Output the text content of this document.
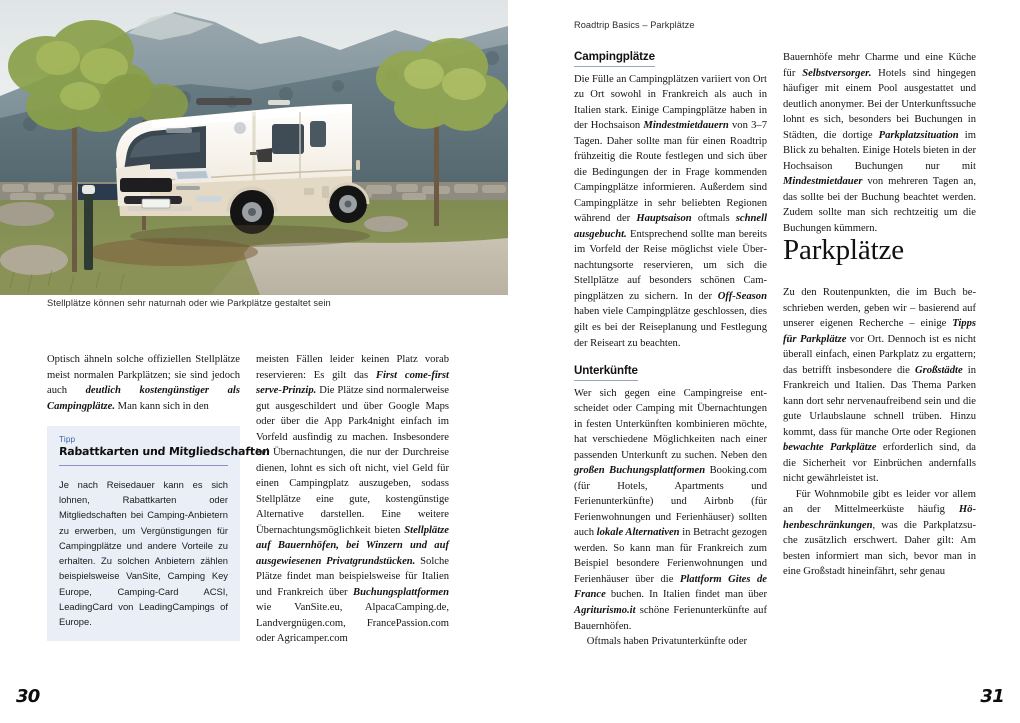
Stellplätze können sehr naturnah oder wie Parkplätze gestaltet sein

Optisch ähneln solche offiziellen Stellplätze meist normalen Parkplätzen; sie sind jedoch auch deutlich kostengünstiger als Campingplätze. Man kann sich in den

Tipp
Rabattkarten und Mitgliedschaften
Je nach Reisedauer kann es sich lohnen, Rabattkarten oder Mitgliedschaften bei Camping-Anbietern zu erwerben, um Vergünstigungen für Campingplätze und andere Vorteile zu erhalten. Zu solchen Anbietern zählen beispielsweise VanSite, Camping Key Europe, Camping-Card ACSI, LeadingCard von LeadingCampings of Europe.

meisten Fällen leider keinen Platz vorab reservieren: Es gilt das First come-first serve-Prinzip. Die Plätze sind normalerweise gut ausgeschildert und über Google Maps oder über die App Park4night einfach im Vorfeld ausfindig zu machen. Insbesondere bei Übernachtungen, die nur der Durchreise dienen, lohnt es sich oft nicht, viel Geld für einen Campingplatz auszugeben, sodass Stellplätze eine gute, kostengünstige Alternative darstellen. Eine weitere Übernachtungsmöglichkeit bieten Stellplätze auf Bauernhöfen, bei Winzern und auf ausgewiesenen Privatgrundstücken. Solche Plätze findet man beispielsweise für Italien und Frankreich über Buchungsplattformen wie VanSite.eu, AlpacaCamping.de, Landvergnügen.com, FrancePassion.com oder Agricamper.com

30
Roadtrip Basics – Parkplätze
31
Campingplätze

Die Fülle an Campingplätzen variiert von Ort zu Ort sowohl in Frankreich als auch in Italien stark. Einige Campingplätze haben in der Hochsaison Mindestmietdauern von 3–7 Tagen. Daher sollte man für einen Roadtrip frühzeitig die Route festlegen und sich über die Bedingungen der in Frage kommenden Campingplätze informieren. Außerdem sind Campingplätze in sehr beliebten Regionen während der Hauptsaison oftmals schnell ausgebucht. Entsprechend sollte man bereits im Vorfeld der Reise möglichst viele Übernachtungsorte reservieren, um sich die Stellplätze auf besonders schönen Campingplätzen zu sichern. In der Off-Season haben viele Campingplätze geschlossen, dies gilt es bei der Reiseplanung und Festlegung der Reiseart zu beachten.

Unterkünfte

Wer sich gegen eine Campingreise entscheidet oder Camping mit Übernachtungen in festen Unterkünften kombinieren möchte, hat verschiedene Möglichkeiten nach einer passenden Unterkunft zu suchen. Neben den großen Buchungsplattformen Booking.com (für Hotels, Apartments und Ferienunterkünfte) und Airbnb (für Ferienwohnungen und Ferienhäuser) sollten auch lokale Alternativen in Betracht gezogen werden. So kann man für Frankreich zum Beispiel besondere Ferienwohnungen und Ferienhäuser über die Plattform Gites de France buchen. In Italien findet man über Agriturismo.it schöne Ferienunterkünfte auf Bauernhöfen.

Oftmals haben Privatunterkünfte oder

Bauernhöfe mehr Charme und eine Küche für Selbstversorger. Hotels sind hingegen häufiger mit einem Pool ausgestattet und deutlich anonymer. Bei der Unterkunftssuche lohnt es sich, besonders bei Buchungen in Städten, die dortige Parkplatzsituation im Blick zu behalten. Einige Hotels bieten in der Hochsaison Buchungen nur mit Mindestmietdauer von mehreren Tagen an, das sollte bei der Buchung beachtet werden. Zudem sollte man sich rechtzeitig um die Buchungen kümmern.

Parkplätze

Zu den Routenpunkten, die im Buch beschrieben werden, geben wir – basierend auf unserer eigenen Recherche – einige Tipps für Parkplätze vor Ort. Dennoch ist es nicht überall einfach, einen Parkplatz zu ergattern; das betrifft insbesondere die Großstädte in Frankreich und Italien. Das Thema Parken kann dort sehr nervenaufreibend sein und die gute Urlaubslaune schnell trüben. Hinzu kommt, dass für manche Orte oder Regionen bewachte Parkplätze erforderlich sind, da die Sicherheit vor Einbrüchen andernfalls nicht gewährleistet ist.

Für Wohnmobile gibt es leider vor allem an der Mittelmeerküste häufig Höhenbeschränkungen, was die Parkplatzsuche zusätzlich erschwert. Daher gilt: Am besten informiert man sich, bevor man in eine Großstadt hineinfährt, sehr genau
